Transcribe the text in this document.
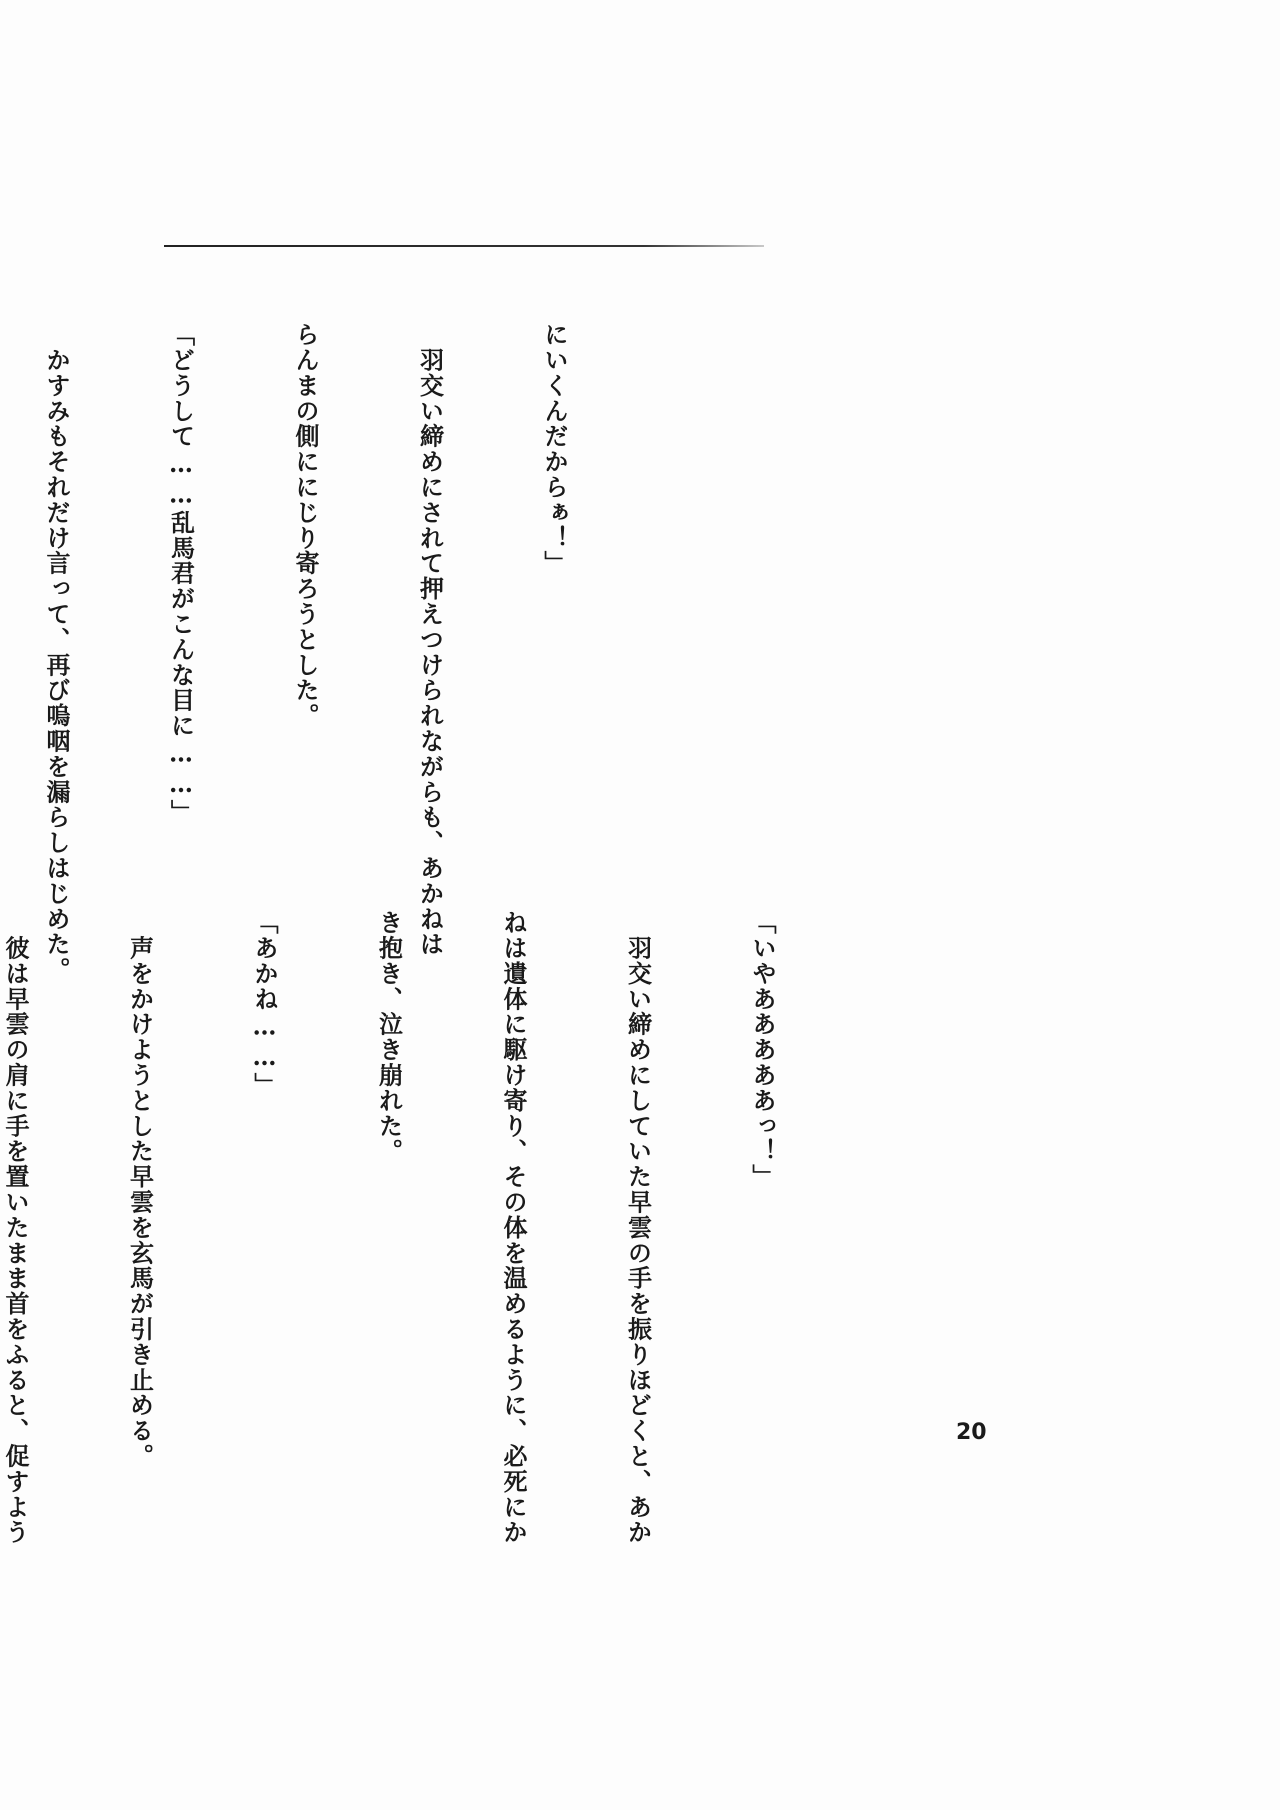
にいくんだからぁ！」

　羽交い締めにされて押えつけられながらも、あかねは

らんまの側ににじり寄ろうとした。

「どうして……乱馬君がこんな目に……」

　かすみもそれだけ言って、再び嗚咽を漏らしはじめた。

「いやあああああっ！」

　羽交い締めにしていた早雲の手を振りほどくと、あか

ねは遺体に駆け寄り、その体を温めるように、必死にか

き抱き、泣き崩れた。

「あかね……」

　声をかけようとした早雲を玄馬が引き止める。

　彼は早雲の肩に手を置いたまま首をふると、促すよう

	20
